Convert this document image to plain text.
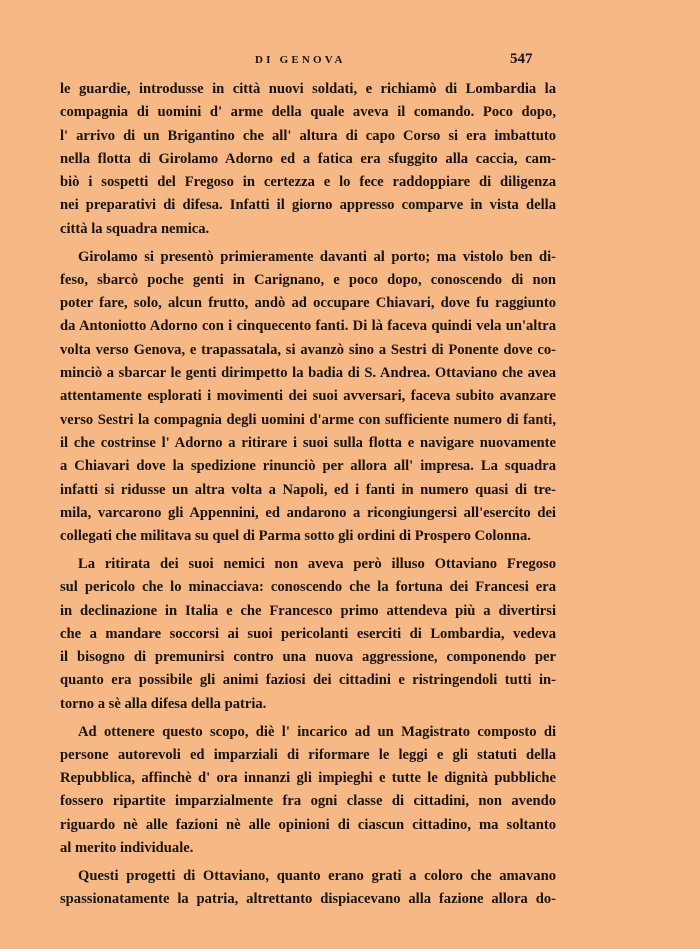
DI GENOVA	547
le guardie, introdusse in città nuovi soldati, e richiamò di Lombardia la
compagnia di uomini d' arme della quale aveva il comando. Poco dopo,
l' arrivo di un Brigantino che all' altura di capo Corso si era imbattuto
nella flotta di Girolamo Adorno ed a fatica era sfuggito alla caccia, cam-
biò i sospetti del Fregoso in certezza e lo fece raddoppiare di diligenza
nei preparativi di difesa. Infatti il giorno appresso comparve in vista della
città la squadra nemica.
Girolamo si presentò primieramente davanti al porto; ma vistolo ben di-
feso, sbarcò poche genti in Carignano, e poco dopo, conoscendo di non
poter fare, solo, alcun frutto, andò ad occupare Chiavari, dove fu raggiunto
da Antoniotto Adorno con i cinquecento fanti. Di là faceva quindi vela un'altra
volta verso Genova, e trapassatala, si avanzò sino a Sestri di Ponente dove co-
minciò a sbarcar le genti dirimpetto la badia di S. Andrea. Ottaviano che avea
attentamente esplorati i movimenti dei suoi avversari, faceva subito avanzare
verso Sestri la compagnia degli uomini d'arme con sufficiente numero di fanti,
il che costrinse l' Adorno a ritirare i suoi sulla flotta e navigare nuovamente
a Chiavari dove la spedizione rinunciò per allora all' impresa. La squadra
infatti si ridusse un altra volta a Napoli, ed i fanti in numero quasi di tre-
mila, varcarono gli Appennini, ed andarono a ricongiungersi all'esercito dei
collegati che militava su quel di Parma sotto gli ordini di Prospero Colonna.
La ritirata dei suoi nemici non aveva però illuso Ottaviano Fregoso
sul pericolo che lo minacciava: conoscendo che la fortuna dei Francesi era
in declinazione in Italia e che Francesco primo attendeva più a divertirsi
che a mandare soccorsi ai suoi pericolanti eserciti di Lombardia, vedeva
il bisogno di premunirsi contro una nuova aggressione, componendo per
quanto era possibile gli animi faziosi dei cittadini e ristringendoli tutti in-
torno a sè alla difesa della patria.
Ad ottenere questo scopo, diè l' incarico ad un Magistrato composto di
persone autorevoli ed imparziali di riformare le leggi e gli statuti della
Repubblica, affinchè d' ora innanzi gli impieghi e tutte le dignità pubbliche
fossero ripartite imparzialmente fra ogni classe di cittadini, non avendo
riguardo nè alle fazioni nè alle opinioni di ciascun cittadino, ma soltanto
al merito individuale.
Questi progetti di Ottaviano, quanto erano grati a coloro che amavano
spassionatamente la patria, altrettanto dispiacevano alla fazione allora do-
